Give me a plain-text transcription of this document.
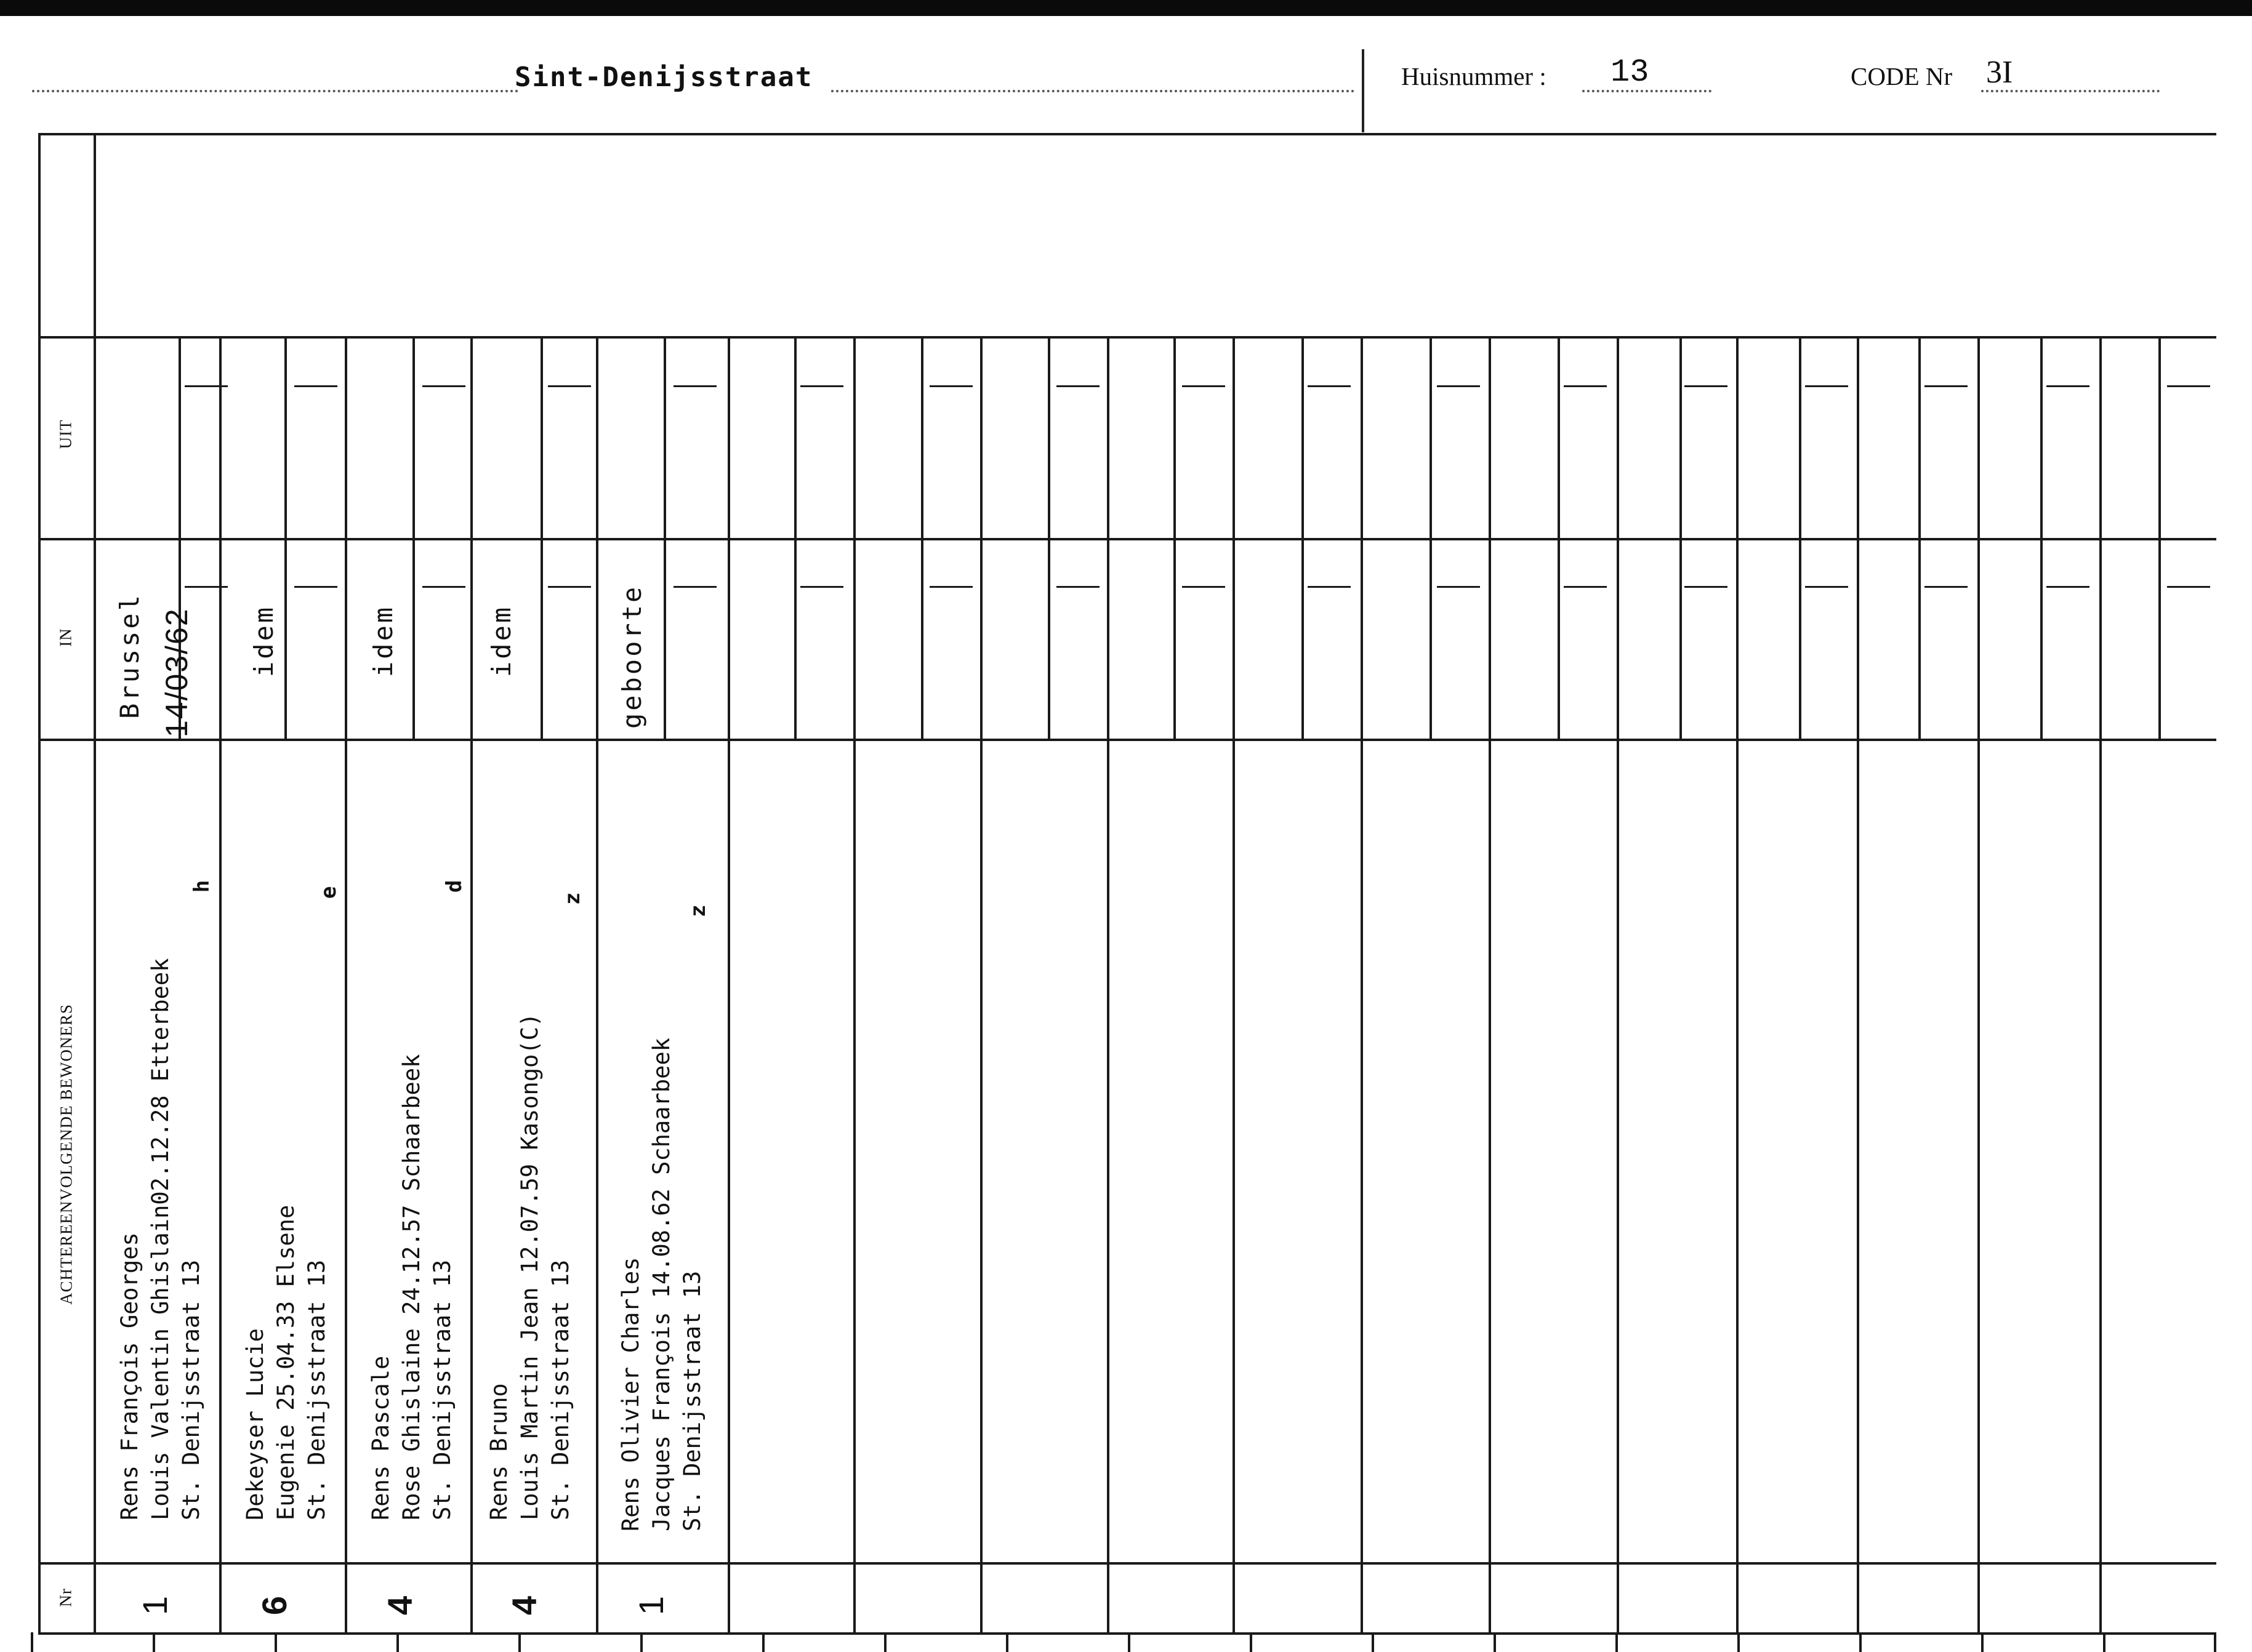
Sint-Denijsstraat	Huisnummer : 13	CODE Nr 3I
UIT
IN
ACHTEREENVOLGENDE BEWONERS
Nr
Rens François Georges Louis Valentin Ghislain02.12.28 Etterbeek St. Denijsstraat 13
h
Brussel 14/03/62
1
Dekeyser Lucie Eugenie 25.04.33 Elsene St. Denijsstraat 13
e
idem
6
Rens Pascale Rose Ghislaine 24.12.57 Schaarbeek St. Denijsstraat 13
d
idem
4
Rens Bruno Louis Martin Jean 12.07.59 Kasongo(C) St. Denijsstraat 13
z
idem
4
Rens Olivier Charles Jacques François 14.08.62 Schaarbeek St. Denijsstraat 13
z
geboorte
1
